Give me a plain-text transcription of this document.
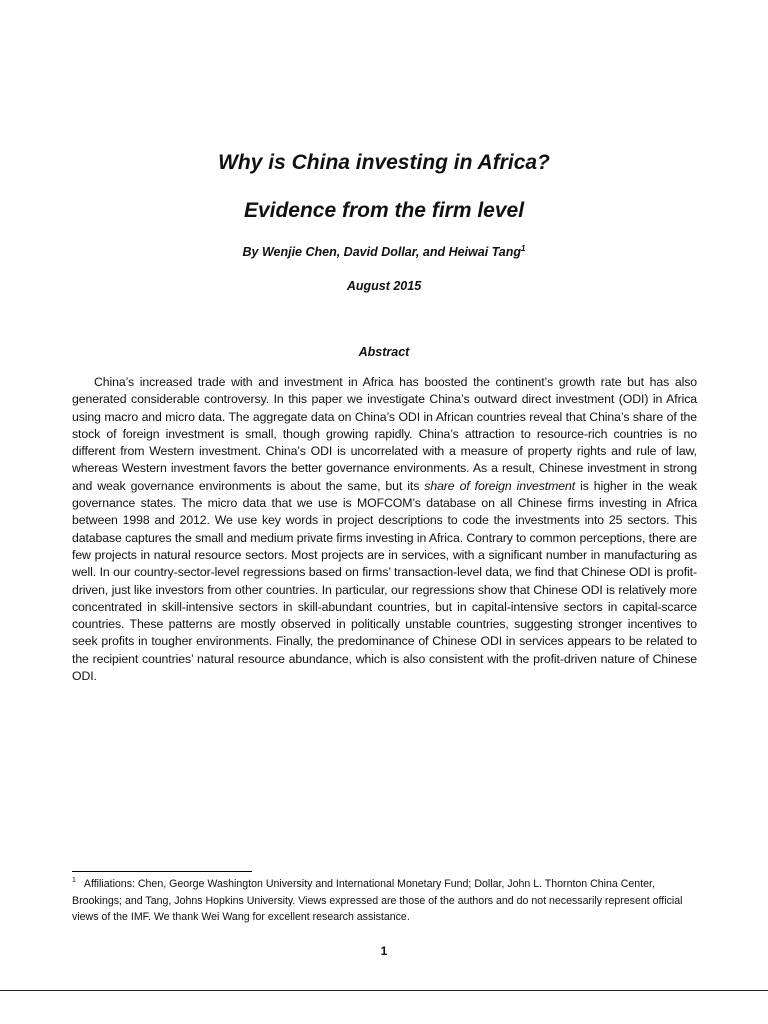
Why is China investing in Africa?
Evidence from the firm level
By Wenjie Chen, David Dollar, and Heiwai Tang$^1$
August 2015
Abstract

China’s increased trade with and investment in Africa has boosted the continent’s growth rate but has also generated considerable controversy. In this paper we investigate China’s outward direct investment (ODI) in Africa using macro and micro data. The aggregate data on China’s ODI in African countries reveal that China’s share of the stock of foreign investment is small, though growing rapidly. China’s attraction to resource-rich countries is no different from Western investment. China’s ODI is uncorrelated with a measure of property rights and rule of law, whereas Western investment favors the better governance environments. As a result, Chinese investment in strong and weak governance environments is about the same, but its share of foreign investment is higher in the weak governance states. The micro data that we use is MOFCOM’s database on all Chinese firms investing in Africa between 1998 and 2012. We use key words in project descriptions to code the investments into 25 sectors. This database captures the small and medium private firms investing in Africa. Contrary to common perceptions, there are few projects in natural resource sectors. Most projects are in services, with a significant number in manufacturing as well. In our country-sector-level regressions based on firms’ transaction-level data, we find that Chinese ODI is profit-driven, just like investors from other countries. In particular, our regressions show that Chinese ODI is relatively more concentrated in skill-intensive sectors in skill-abundant countries, but in capital-intensive sectors in capital-scarce countries. These patterns are mostly observed in politically unstable countries, suggesting stronger incentives to seek profits in tougher environments. Finally, the predominance of Chinese ODI in services appears to be related to the recipient countries’ natural resource abundance, which is also consistent with the profit-driven nature of Chinese ODI.

$^1$ Affiliations: Chen, George Washington University and International Monetary Fund; Dollar, John L. Thornton China Center, Brookings; and Tang, Johns Hopkins University. Views expressed are those of the authors and do not necessarily represent official views of the IMF. We thank Wei Wang for excellent research assistance.

1
